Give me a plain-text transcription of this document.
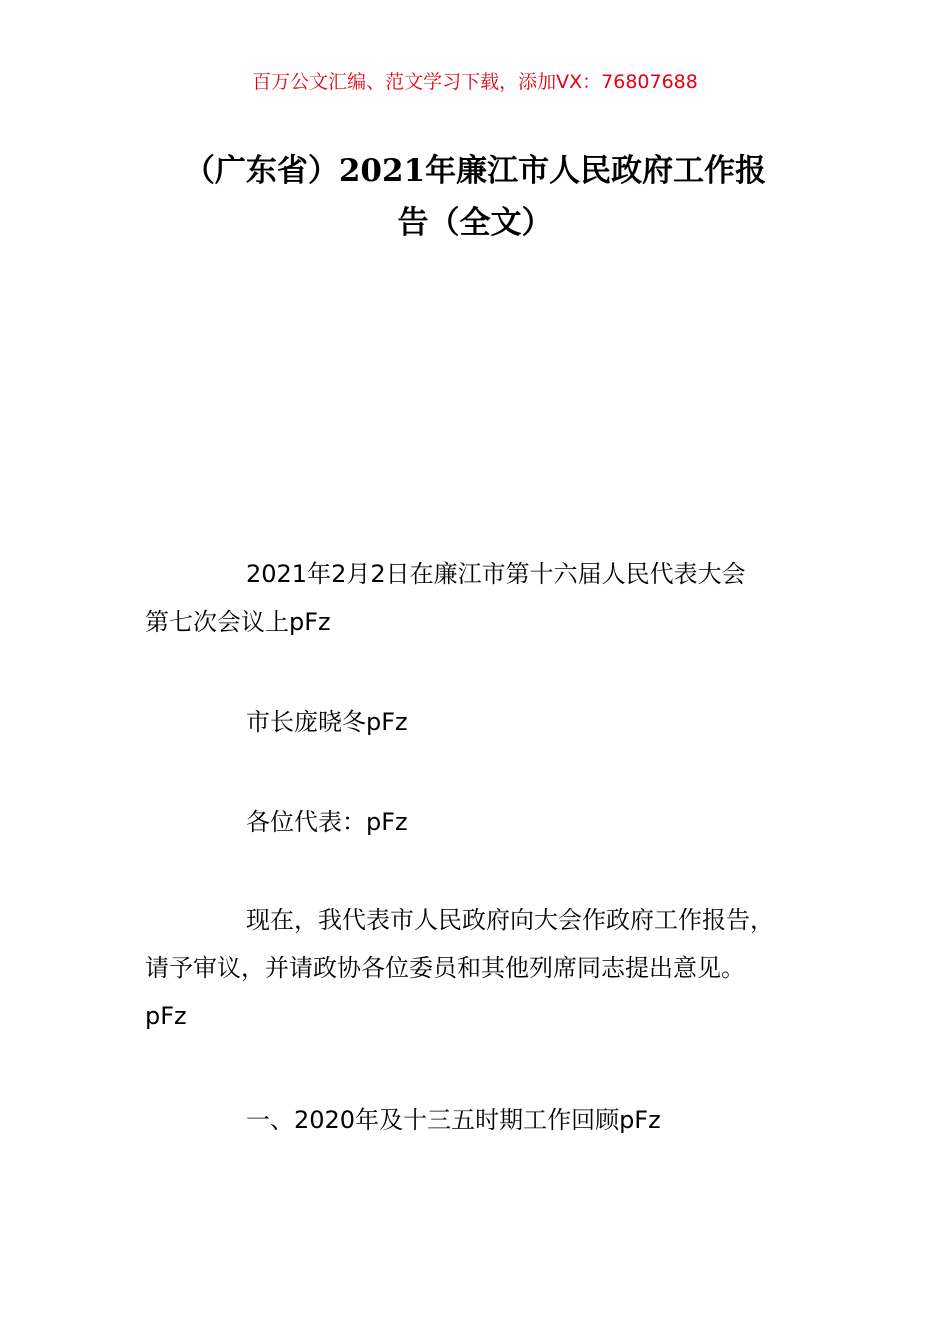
百万公文汇编、范文学习下载，添加VX：76807688
（广东省）2021年廉江市人民政府工作报
告（全文）

2021年2月2日在廉江市第十六届人民代表大会
第七次会议上pFz

市长庞晓冬pFz

各位代表：pFz

现在，我代表市人民政府向大会作政府工作报告，
请予审议，并请政协各位委员和其他列席同志提出意见。
pFz

一、2020年及十三五时期工作回顾pFz
